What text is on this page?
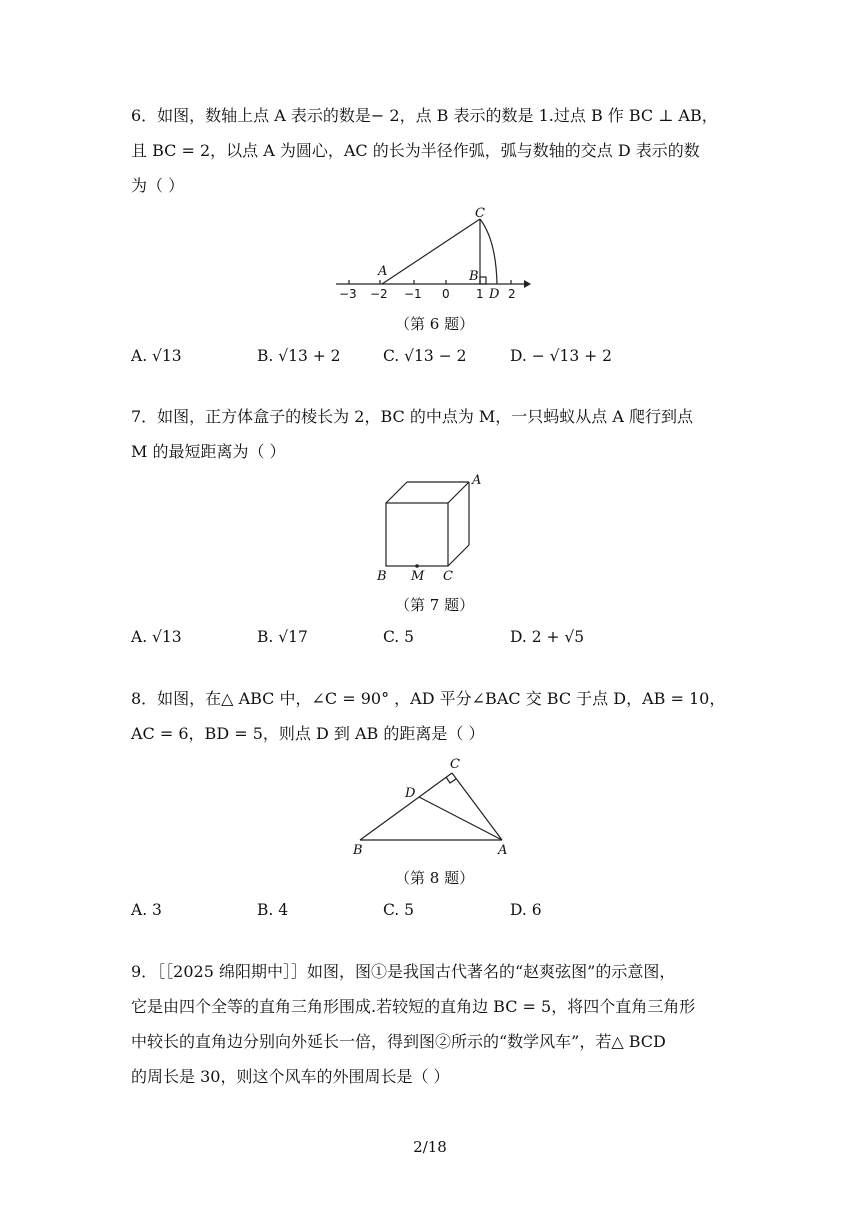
6．如图，数轴上点 A 表示的数是− 2，点 B 表示的数是 1.过点 B 作 BC ⊥ AB，
且 BC = 2，以点 A 为圆心，AC 的长为半径作弧，弧与数轴的交点 D 表示的数
为（ ）
C
A	B
D
−3 −2 −1 0 1 2
（第 6 题）
A. √13	B. √13 + 2	C. √13 − 2	D. − √13 + 2
7．如图，正方体盒子的棱长为 2，BC 的中点为 M，一只蚂蚁从点 A 爬行到点
M 的最短距离为（ ）
A
B M C
（第 7 题）
A. √13	B. √17	C. 5	D. 2 + √5
8．如图，在△ ABC 中，∠C = 90° ，AD 平分∠BAC 交 BC 于点 D，AB = 10，
AC = 6，BD = 5，则点 D 到 AB 的距离是（ ）
C
D
B	A
（第 8 题）
A. 3	B. 4	C. 5	D. 6
9．［［2025 绵阳期中］］如图，图①是我国古代著名的“赵爽弦图”的示意图，
它是由四个全等的直角三角形围成.若较短的直角边 BC = 5，将四个直角三角形
中较长的直角边分别向外延长一倍，得到图②所示的“数学风车”，若△ BCD
的周长是 30，则这个风车的外围周长是（ ）
2/18
